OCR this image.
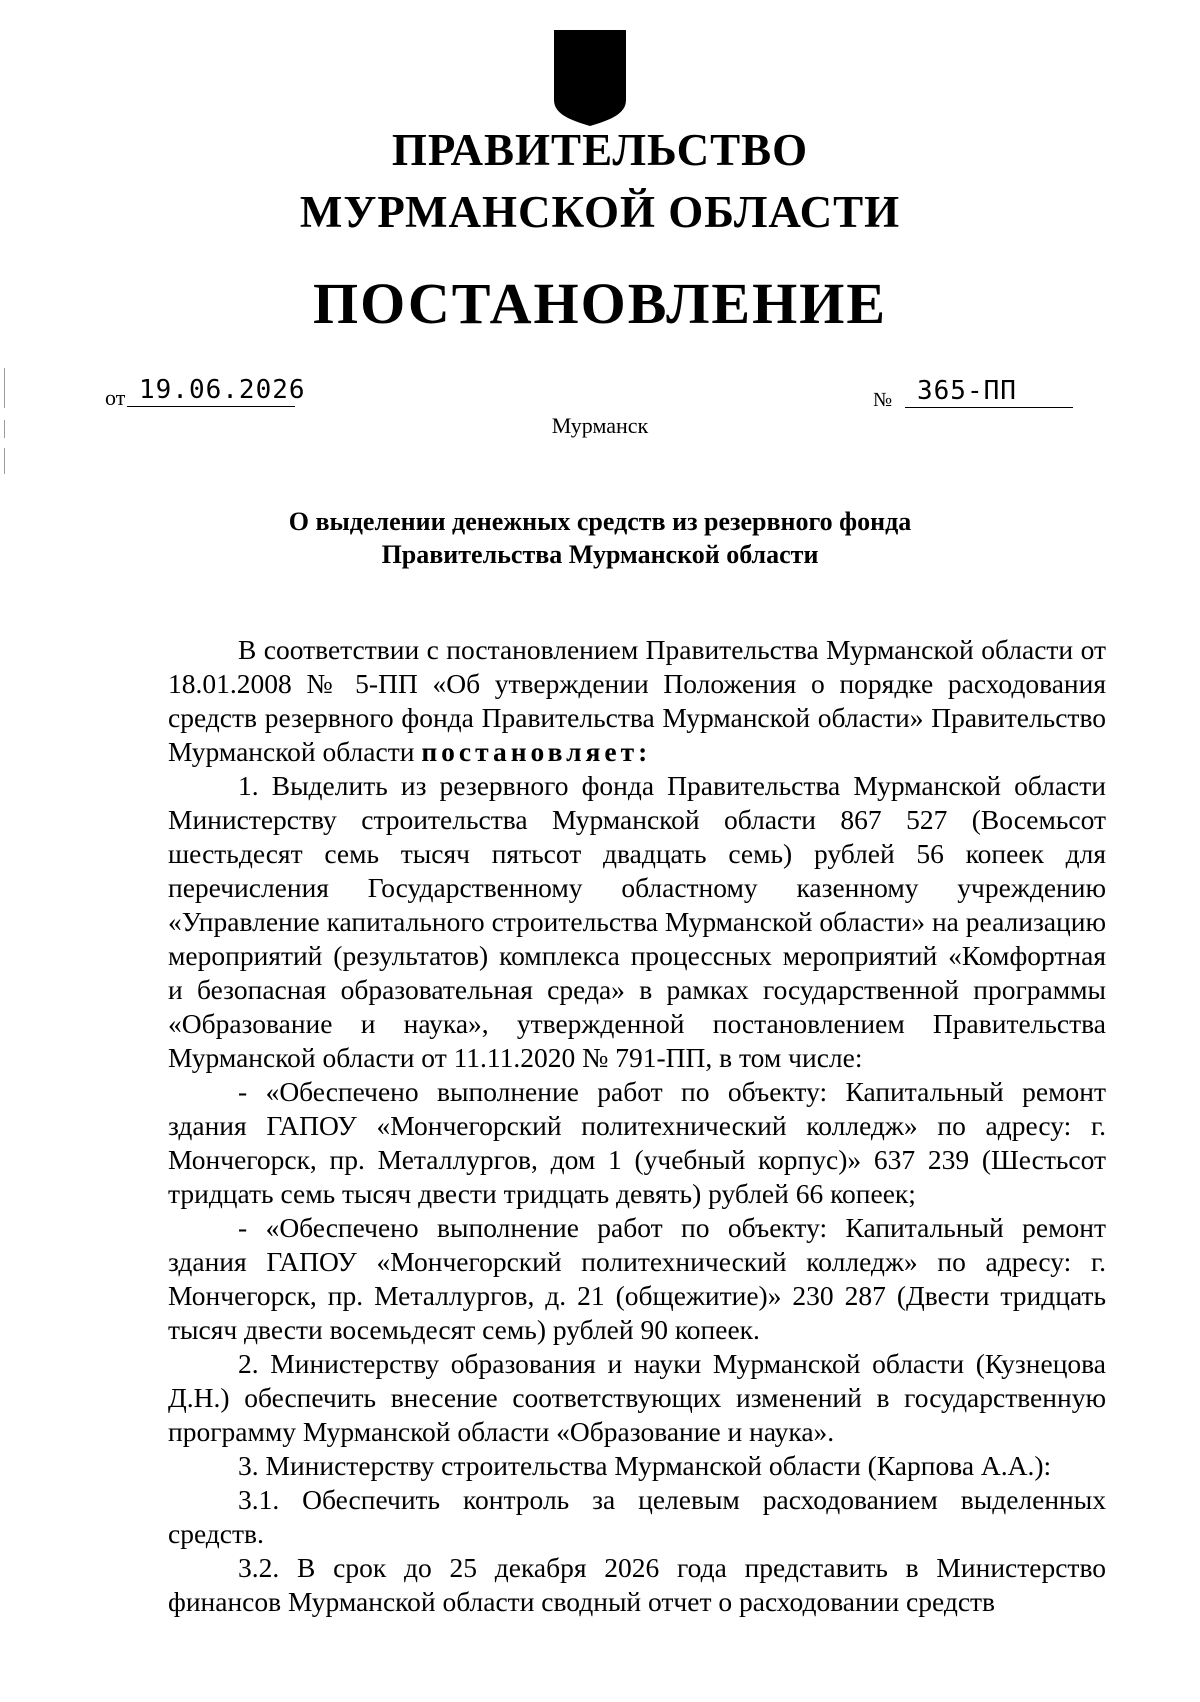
ПРАВИТЕЛЬСТВО
МУРМАНСКОЙ ОБЛАСТИ
ПОСТАНОВЛЕНИЕ
от 19.06.2026	№ 365-ПП
Мурманск
О выделении денежных средств из резервного фонда
Правительства Мурманской области

В соответствии с постановлением Правительства Мурманской области от 18.01.2008 № 5-ПП «Об утверждении Положения о порядке расходования средств резервного фонда Правительства Мурманской области» Правительство Мурманской области постановляет:

1. Выделить из резервного фонда Правительства Мурманской области Министерству строительства Мурманской области 867 527 (Восемьсот шестьдесят семь тысяч пятьсот двадцать семь) рублей 56 копеек для перечисления Государственному областному казенному учреждению «Управление капитального строительства Мурманской области» на реализацию мероприятий (результатов) комплекса процессных мероприятий «Комфортная и безопасная образовательная среда» в рамках государственной программы «Образование и наука», утвержденной постановлением Правительства Мурманской области от 11.11.2020 № 791-ПП, в том числе:

- «Обеспечено выполнение работ по объекту: Капитальный ремонт здания ГАПОУ «Мончегорский политехнический колледж» по адресу: г. Мончегорск, пр. Металлургов, дом 1 (учебный корпус)» 637 239 (Шестьсот тридцать семь тысяч двести тридцать девять) рублей 66 копеек;

- «Обеспечено выполнение работ по объекту: Капитальный ремонт здания ГАПОУ «Мончегорский политехнический колледж» по адресу: г. Мончегорск, пр. Металлургов, д. 21 (общежитие)» 230 287 (Двести тридцать тысяч двести восемьдесят семь) рублей 90 копеек.

2. Министерству образования и науки Мурманской области (Кузнецова Д.Н.) обеспечить внесение соответствующих изменений в государственную программу Мурманской области «Образование и наука».

3. Министерству строительства Мурманской области (Карпова А.А.):

3.1. Обеспечить контроль за целевым расходованием выделенных средств.

3.2. В срок до 25 декабря 2026 года представить в Министерство финансов Мурманской области сводный отчет о расходовании средств
